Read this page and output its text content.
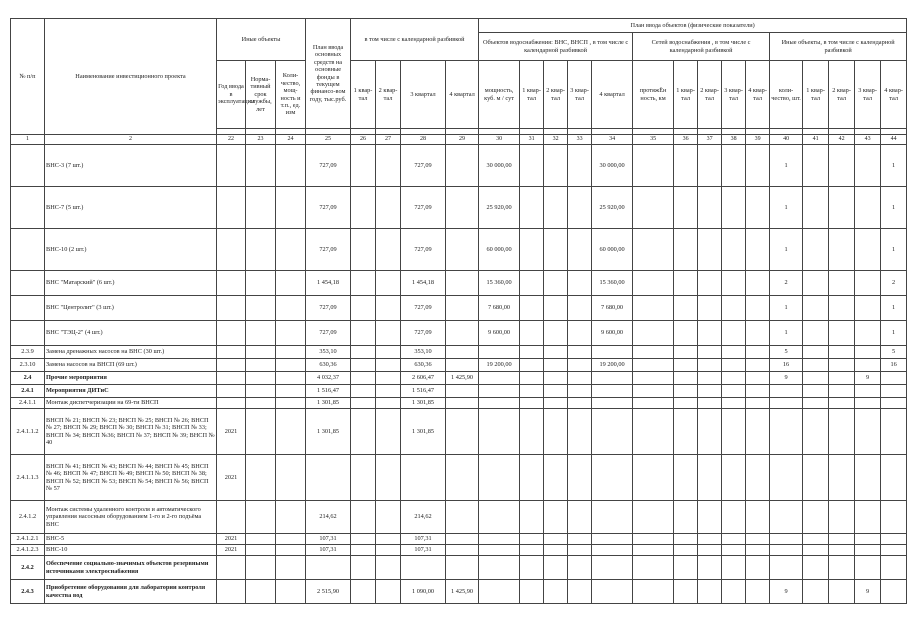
№ п/п	Наименование инвестиционного проекта	Иные объекты			План ввода основных средств на основные фонды в текущем финансо-вом году, тыс.руб.	в том числе с календарной разбивкой				План ввода объектов (физические показатели)														
										Объектов водоснабжения: ВНС, ВНСП , в том числе с календарной разбивкой					Сетей водоснабжения , в том числе с календарной разбивкой					Иные объекты, в том числе с календарной разбивкой				
		Год ввода в эксплуатации	Норма-тивный срок службы, лет	Коли-чество, мощ-ность и т.п., ед. изм		1 квар-тал	2 квар-тал	3 квартал	4 квартал	мощность, куб. м / сут	1 квар-тал	2 квар-тал	3 квар-тал	4 квартал	протяжЁн ность, км	1 квар-тал	2 квар-тал	3 квар-тал	4 квар-тал	коли-чество, шт.	1 квар-тал	2 квар-тал	3 квар-тал	4 квар-тал

1	2	22	23	24	25	26	27	28	29	30	31	32	33	34	35	36	37	38	39	40	41	42	43	44
	ВНС-3 (7 шт.)				727,09			727,09		30 000,00				30 000,00						1				1
	ВНС-7 (5 шт.)				727,09			727,09		25 920,00				25 920,00						1				1
	ВНС-10 (2 шт.)				727,09			727,09		60 000,00				60 000,00						1				1
	ВНС "Матарский" (6 шт.)				1 454,18			1 454,18		15 360,00				15 360,00						2				2
	ВНС "Центролит" (3 шт.)				727,09			727,09		7 680,00				7 680,00						1				1
	ВНС "ТЭЦ-2" (4 шт.)				727,09			727,09		9 600,00				9 600,00						1				1
2.3.9	Замена дренажных насосов на ВНС (30 шт.)				353,10			353,10												5				5
2.3.10	Замена насосов на ВНСП (69 шт.)				630,36			630,36		19 200,00				19 200,00						16				16
2.4	Прочие мероприятия				4 032,37			2 606,47	1 425,90											9			9	
2.4.1	Мероприятия ДИТиС				1 516,47			1 516,47																
2.4.1.1	Монтаж диспетчеризации на 69-ти ВНСП				1 301,85			1 301,85																
2.4.1.1.2	ВНСП № 21; ВНСП № 23; ВНСП № 25; ВНСП № 26; ВНСП № 27; ВНСП № 29; ВНСП № 30; ВНСП № 31; ВНСП № 33; ВНСП № 34; ВНСП №36; ВНСП № 37; ВНСП № 39; ВНСП № 40	2021			1 301,85			1 301,85																
2.4.1.1.3	ВНСП № 41; ВНСП № 43; ВНСП № 44; ВНСП № 45; ВНСП № 46; ВНСП № 47; ВНСП № 49; ВНСП № 50; ВНСП № 38; ВНСП № 52; ВНСП № 53; ВНСП № 54; ВНСП № 56; ВНСП № 57	2021																						
2.4.1.2	Монтаж системы удаленного контроля и автоматического управления насосным оборудованием 1-го и 2-го подъёма ВНС				214,62			214,62																
2.4.1.2.1	ВНС-5	2021			107,31			107,31																
2.4.1.2.3	ВНС-10	2021			107,31			107,31																
2.4.2	Обеспечение социально-значимых объектов резервными источниками электроснабжения																							
2.4.3	Приобретение оборудования для лаборатории контроля качества вод				2 515,90			1 090,00	1 425,90											9			9	
